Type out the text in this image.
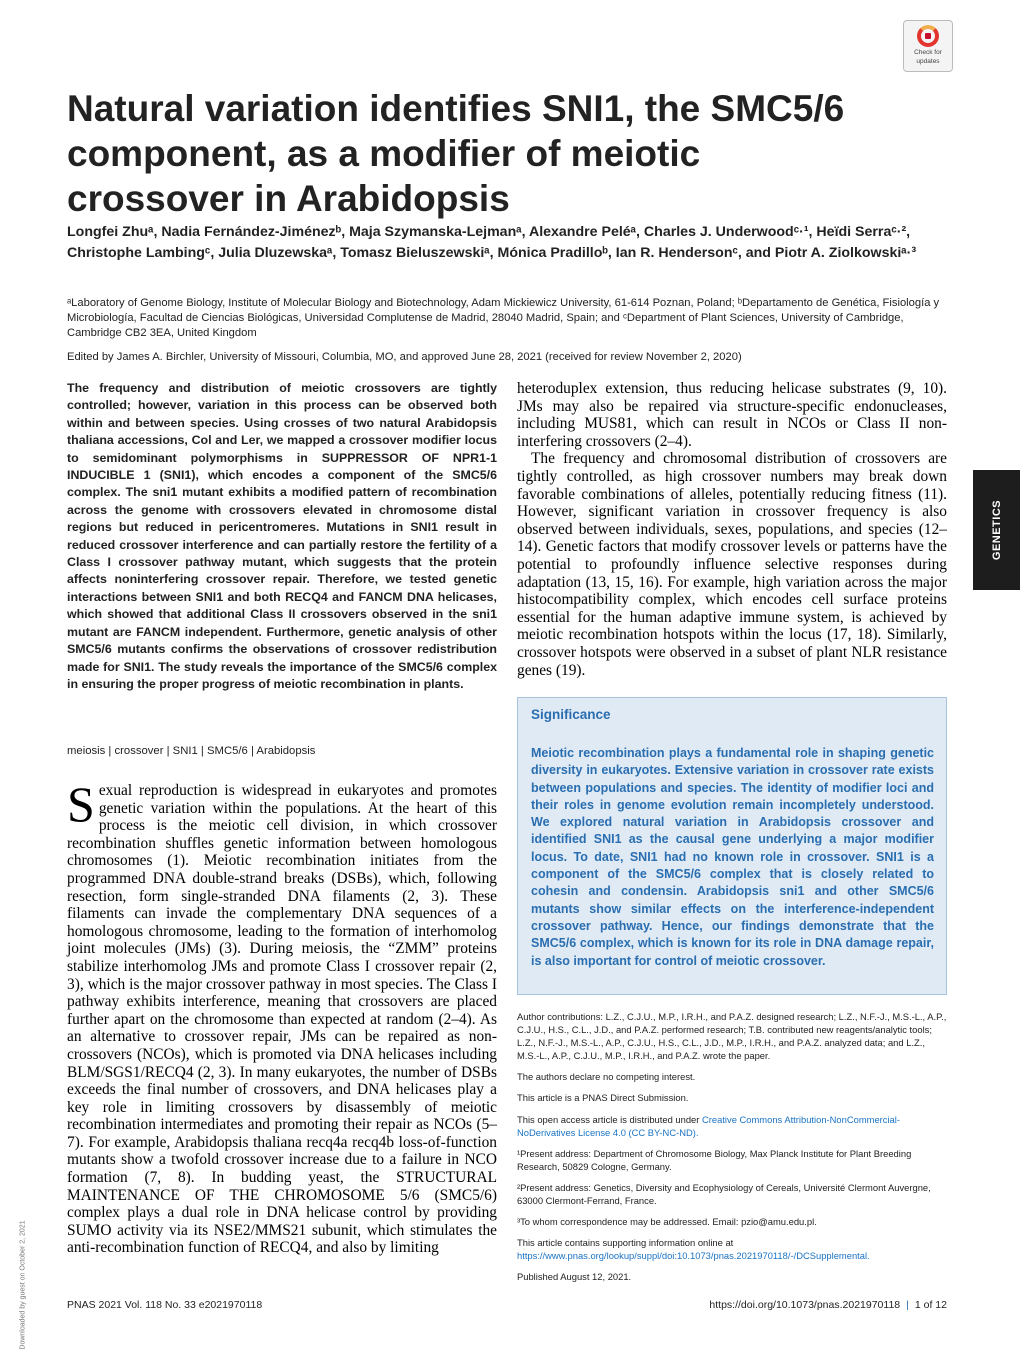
Check for
updates
Natural variation identifies SNI1, the SMC5/6 component, as a modifier of meiotic crossover in Arabidopsis
Longfei Zhuᵃ, Nadia Fernández-Jiménezᵇ, Maja Szymanska-Lejmanᵃ, Alexandre Peléᵃ, Charles J. Underwoodᶜ·¹, Heïdi Serraᶜ·², Christophe Lambingᶜ, Julia Dluzewskaᵃ, Tomasz Bieluszewskiᵃ, Mónica Pradilloᵇ, Ian R. Hendersonᶜ, and Piotr A. Ziolkowskiᵃ·³
ᵃLaboratory of Genome Biology, Institute of Molecular Biology and Biotechnology, Adam Mickiewicz University, 61-614 Poznan, Poland; ᵇDepartamento de Genética, Fisiología y Microbiología, Facultad de Ciencias Biológicas, Universidad Complutense de Madrid, 28040 Madrid, Spain; and ᶜDepartment of Plant Sciences, University of Cambridge, Cambridge CB2 3EA, United Kingdom
Edited by James A. Birchler, University of Missouri, Columbia, MO, and approved June 28, 2021 (received for review November 2, 2020)
The frequency and distribution of meiotic crossovers are tightly controlled; however, variation in this process can be observed both within and between species. Using crosses of two natural Arabidopsis thaliana accessions, Col and Ler, we mapped a crossover modifier locus to semidominant polymorphisms in SUPPRESSOR OF NPR1-1 INDUCIBLE 1 (SNI1), which encodes a component of the SMC5/6 complex. The sni1 mutant exhibits a modified pattern of recombination across the genome with crossovers elevated in chromosome distal regions but reduced in pericentromeres. Mutations in SNI1 result in reduced crossover interference and can partially restore the fertility of a Class I crossover pathway mutant, which suggests that the protein affects noninterfering crossover repair. Therefore, we tested genetic interactions between SNI1 and both RECQ4 and FANCM DNA helicases, which showed that additional Class II crossovers observed in the sni1 mutant are FANCM independent. Furthermore, genetic analysis of other SMC5/6 mutants confirms the observations of crossover redistribution made for SNI1. The study reveals the importance of the SMC5/6 complex in ensuring the proper progress of meiotic recombination in plants.
meiosis | crossover | SNI1 | SMC5/6 | Arabidopsis
Sexual reproduction is widespread in eukaryotes and promotes genetic variation within the populations. At the heart of this process is the meiotic cell division, in which crossover recombination shuffles genetic information between homologous chromosomes (1). Meiotic recombination initiates from the programmed DNA double-strand breaks (DSBs), which, following resection, form single-stranded DNA filaments (2, 3). These filaments can invade the complementary DNA sequences of a homologous chromosome, leading to the formation of interhomolog joint molecules (JMs) (3). During meiosis, the “ZMM” proteins stabilize interhomolog JMs and promote Class I crossover repair (2, 3), which is the major crossover pathway in most species. The Class I pathway exhibits interference, meaning that crossovers are placed further apart on the chromosome than expected at random (2–4). As an alternative to crossover repair, JMs can be repaired as non-crossovers (NCOs), which is promoted via DNA helicases including BLM/SGS1/RECQ4 (2, 3). In many eukaryotes, the number of DSBs exceeds the final number of crossovers, and DNA helicases play a key role in limiting crossovers by disassembly of meiotic recombination intermediates and promoting their repair as NCOs (5–7). For example, Arabidopsis thaliana recq4a recq4b loss-of-function mutants show a twofold crossover increase due to a failure in NCO formation (7, 8). In budding yeast, the STRUCTURAL MAINTENANCE OF THE CHROMOSOME 5/6 (SMC5/6) complex plays a dual role in DNA helicase control by providing SUMO activity via its NSE2/MMS21 subunit, which stimulates the anti-recombination function of RECQ4, and also by limiting

heteroduplex extension, thus reducing helicase substrates (9, 10). JMs may also be repaired via structure-specific endonucleases, including MUS81, which can result in NCOs or Class II non-interfering crossovers (2–4).

The frequency and chromosomal distribution of crossovers are tightly controlled, as high crossover numbers may break down favorable combinations of alleles, potentially reducing fitness (11). However, significant variation in crossover frequency is also observed between individuals, sexes, populations, and species (12–14). Genetic factors that modify crossover levels or patterns have the potential to profoundly influence selective responses during adaptation (13, 15, 16). For example, high variation across the major histocompatibility complex, which encodes cell surface proteins essential for the human adaptive immune system, is achieved by meiotic recombination hotspots within the locus (17, 18). Similarly, crossover hotspots were observed in a subset of plant NLR resistance genes (19).

Significance
Meiotic recombination plays a fundamental role in shaping genetic diversity in eukaryotes. Extensive variation in crossover rate exists between populations and species. The identity of modifier loci and their roles in genome evolution remain incompletely understood. We explored natural variation in Arabidopsis crossover and identified SNI1 as the causal gene underlying a major modifier locus. To date, SNI1 had no known role in crossover. SNI1 is a component of the SMC5/6 complex that is closely related to cohesin and condensin. Arabidopsis sni1 and other SMC5/6 mutants show similar effects on the interference-independent crossover pathway. Hence, our findings demonstrate that the SMC5/6 complex, which is known for its role in DNA damage repair, is also important for control of meiotic crossover.

Author contributions: L.Z., C.J.U., M.P., I.R.H., and P.A.Z. designed research; L.Z., N.F.-J., M.S.-L., A.P., C.J.U., H.S., C.L., J.D., and P.A.Z. performed research; T.B. contributed new reagents/analytic tools; L.Z., N.F.-J., M.S.-L., A.P., C.J.U., H.S., C.L., J.D., M.P., I.R.H., and P.A.Z. analyzed data; and L.Z., M.S.-L., A.P., C.J.U., M.P., I.R.H., and P.A.Z. wrote the paper.

The authors declare no competing interest.

This article is a PNAS Direct Submission.

This open access article is distributed under Creative Commons Attribution-NonCommercial-NoDerivatives License 4.0 (CC BY-NC-ND).

¹Present address: Department of Chromosome Biology, Max Planck Institute for Plant Breeding Research, 50829 Cologne, Germany.

²Present address: Genetics, Diversity and Ecophysiology of Cereals, Université Clermont Auvergne, 63000 Clermont-Ferrand, France.

³To whom correspondence may be addressed. Email: pzio@amu.edu.pl.

This article contains supporting information online at https://www.pnas.org/lookup/suppl/doi:10.1073/pnas.2021970118/-/DCSupplemental.

Published August 12, 2021.

GENETICS
Downloaded by guest on October 2, 2021	PNAS 2021 Vol. 118 No. 33 e2021970118	https://doi.org/10.1073/pnas.2021970118 | 1 of 12
